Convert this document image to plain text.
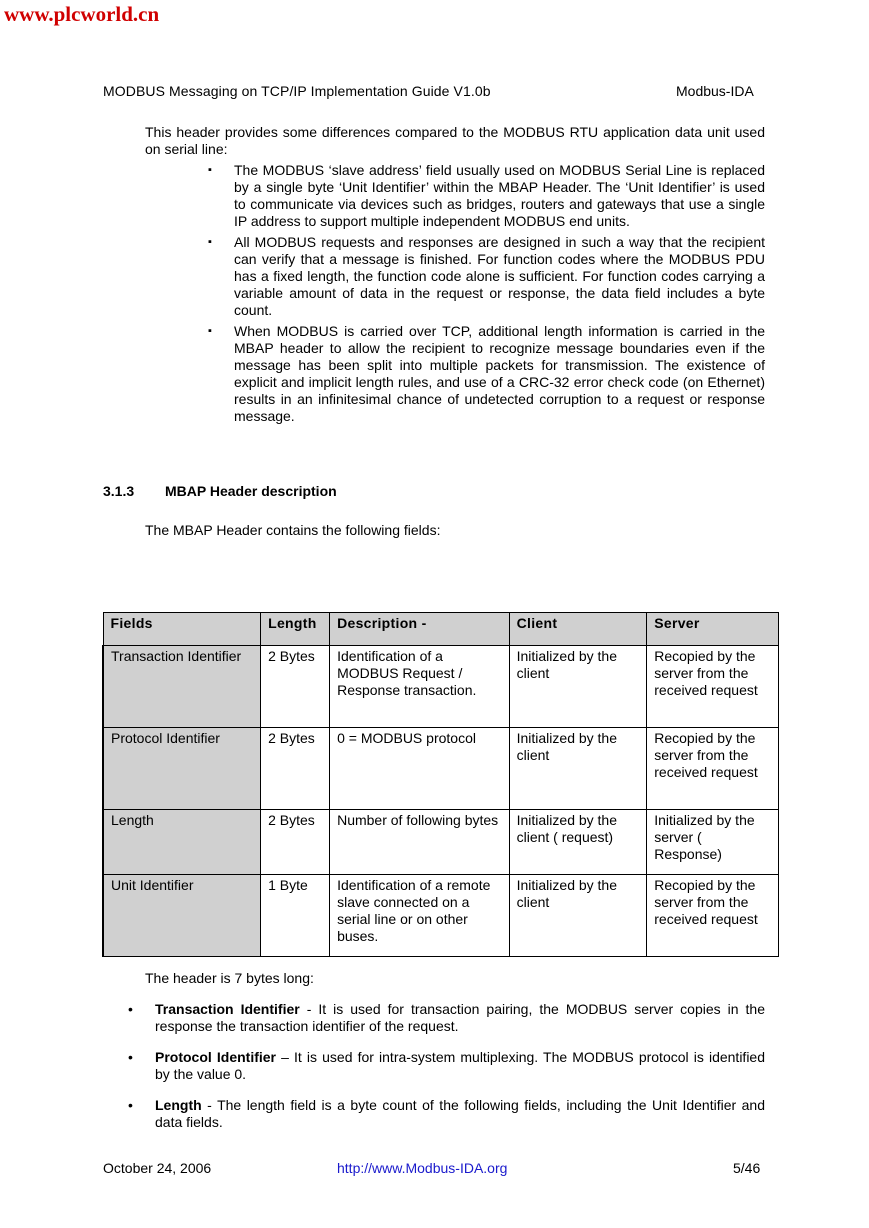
www.plcworld.cn
MODBUS Messaging on TCP/IP Implementation Guide V1.0b	Modbus-IDA
This header provides some differences compared to the MODBUS RTU application data unit used on serial line:
▪ The MODBUS ‘slave address’ field usually used on MODBUS Serial Line is replaced by a single byte ‘Unit Identifier’ within the MBAP Header. The ‘Unit Identifier’ is used to communicate via devices such as bridges, routers and gateways that use a single IP address to support multiple independent MODBUS end units.
▪ All MODBUS requests and responses are designed in such a way that the recipient can verify that a message is finished. For function codes where the MODBUS PDU has a fixed length, the function code alone is sufficient. For function codes carrying a variable amount of data in the request or response, the data field includes a byte count.
▪ When MODBUS is carried over TCP, additional length information is carried in the MBAP header to allow the recipient to recognize message boundaries even if the message has been split into multiple packets for transmission. The existence of explicit and implicit length rules, and use of a CRC-32 error check code (on Ethernet) results in an infinitesimal chance of undetected corruption to a request or response message.
3.1.3 MBAP Header description
The MBAP Header contains the following fields:
Fields	Length	Description -	Client	Server
Transaction Identifier	2 Bytes	Identification of a MODBUS Request / Response transaction.	Initialized by the client	Recopied by the server from the received request
Protocol Identifier	2 Bytes	0 = MODBUS protocol	Initialized by the client	Recopied by the server from the received request
Length	2 Bytes	Number of following bytes	Initialized by the client ( request)	Initialized by the server ( Response)
Unit Identifier	1 Byte	Identification of a remote slave connected on a serial line or on other buses.	Initialized by the client	Recopied by the server from the received request
The header is 7 bytes long:
• Transaction Identifier - It is used for transaction pairing, the MODBUS server copies in the response the transaction identifier of the request.
• Protocol Identifier – It is used for intra-system multiplexing. The MODBUS protocol is identified by the value 0.
• Length - The length field is a byte count of the following fields, including the Unit Identifier and data fields.
October 24, 2006	http://www.Modbus-IDA.org	5/46
